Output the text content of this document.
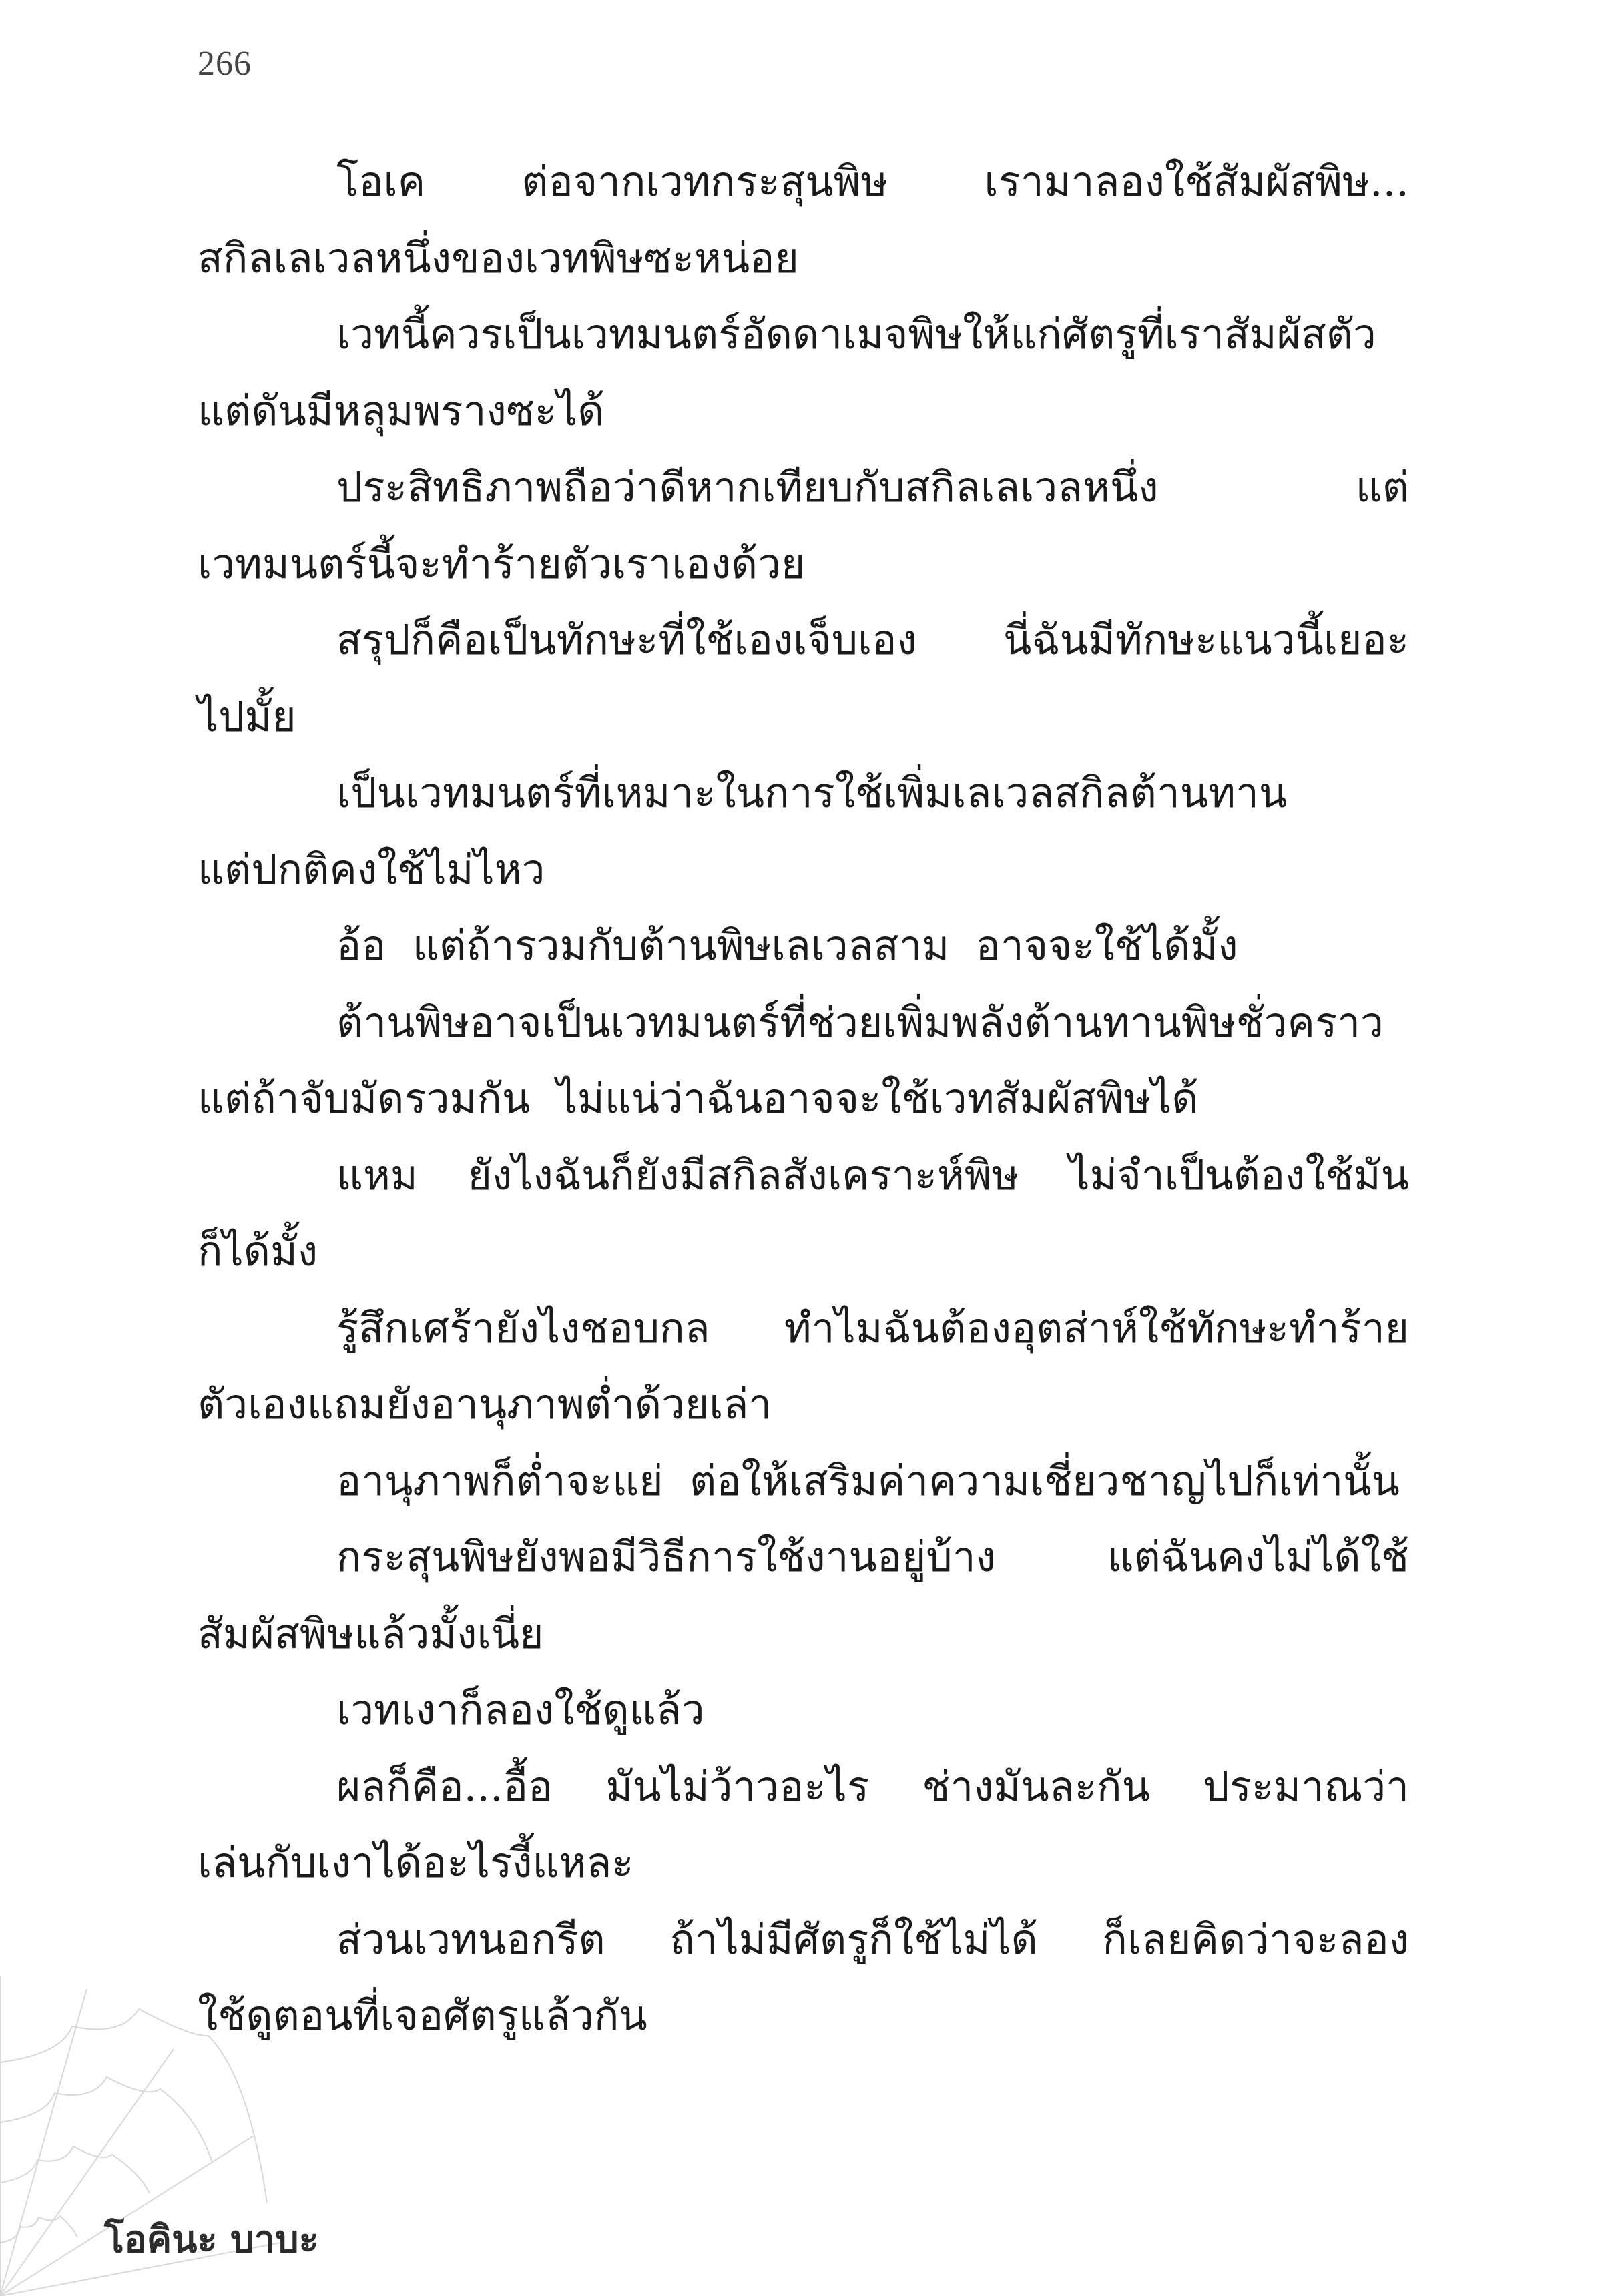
266
โอเค ต่อจากเวทกระสุนพิษ เรามาลองใช้สัมผัสพิษ...
สกิลเลเวลหนึ่งของเวทพิษซะหน่อย
เวทนี้ควรเป็นเวทมนตร์อัดดาเมจพิษให้แก่ศัตรูที่เราสัมผัสตัว
แต่ดันมีหลุมพรางซะได้
ประสิทธิภาพถือว่าดีหากเทียบกับสกิลเลเวลหนึ่ง	แต่
เวทมนตร์นี้จะทำร้ายตัวเราเองด้วย
สรุปก็คือเป็นทักษะที่ใช้เองเจ็บเอง นี่ฉันมีทักษะแนวนี้เยอะ
ไปมั้ย
เป็นเวทมนตร์ที่เหมาะในการใช้เพิ่มเลเวลสกิลต้านทาน
แต่ปกติคงใช้ไม่ไหว
อ้อ  แต่ถ้ารวมกับต้านพิษเลเวลสาม  อาจจะใช้ได้มั้ง
ต้านพิษอาจเป็นเวทมนตร์ที่ช่วยเพิ่มพลังต้านทานพิษชั่วคราว
แต่ถ้าจับมัดรวมกัน  ไม่แน่ว่าฉันอาจจะใช้เวทสัมผัสพิษได้
แหม ยังไงฉันก็ยังมีสกิลสังเคราะห์พิษ ไม่จำเป็นต้องใช้มัน
ก็ได้มั้ง
รู้สึกเศร้ายังไงชอบกล ทำไมฉันต้องอุตส่าห์ใช้ทักษะทำร้าย
ตัวเองแถมยังอานุภาพต่ำด้วยเล่า
อานุภาพก็ต่ำจะแย่  ต่อให้เสริมค่าความเชี่ยวชาญไปก็เท่านั้น
กระสุนพิษยังพอมีวิธีการใช้งานอยู่บ้าง	แต่ฉันคงไม่ได้ใช้
สัมผัสพิษแล้วมั้งเนี่ย
เวทเงาก็ลองใช้ดูแล้ว
ผลก็คือ...อื้อ มันไม่ว้าวอะไร ช่างมันละกัน ประมาณว่า
เล่นกับเงาได้อะไรงี้แหละ
ส่วนเวทนอกรีต ถ้าไม่มีศัตรูก็ใช้ไม่ได้ ก็เลยคิดว่าจะลอง
ใช้ดูตอนที่เจอศัตรูแล้วกัน
โอคินะ บาบะ
